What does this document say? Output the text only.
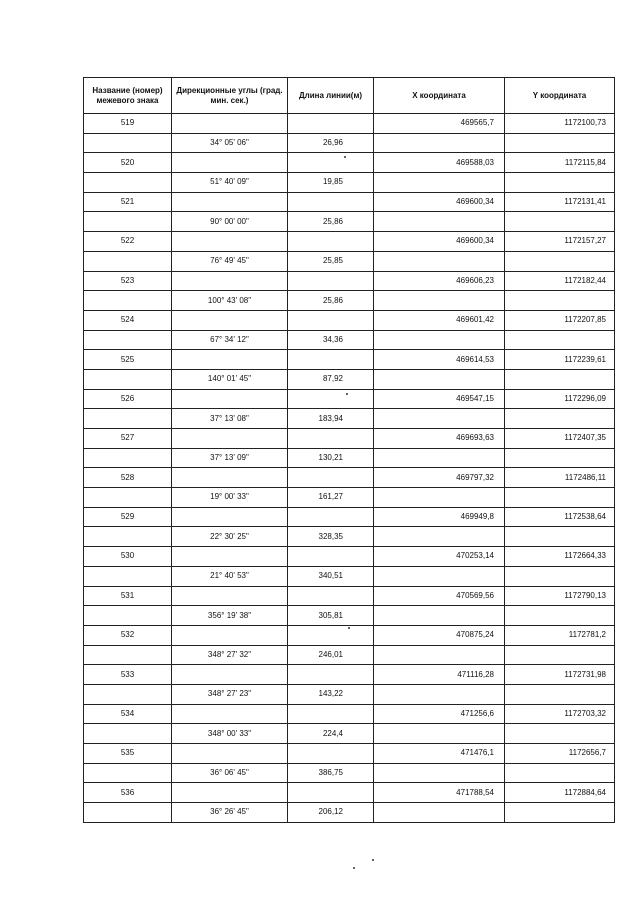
Название (номер) межевого знака	Дирекционные углы (град. мин. сек.)	Длина линии(м)	X координата	Y координата
519			469565,7	1172100,73
	34° 05' 06"	26,96		
520			469588,03	1172115,84
	51° 40' 09"	19,85		
521			469600,34	1172131,41
	90° 00' 00"	25,86		
522			469600,34	1172157,27
	76° 49' 45"	25,85		
523			469606,23	1172182,44
	100° 43' 08"	25,86		
524			469601,42	1172207,85
	67° 34' 12"	34,36		
525			469614,53	1172239,61
	140° 01' 45"	87,92		
526			469547,15	1172296,09
	37° 13' 08"	183,94		
527			469693,63	1172407,35
	37° 13' 09"	130,21		
528			469797,32	1172486,11
	19° 00' 33"	161,27		
529			469949,8	1172538,64
	22° 30' 25"	328,35		
530			470253,14	1172664,33
	21° 40' 53"	340,51		
531			470569,56	1172790,13
	356° 19' 38"	305,81		
532			470875,24	1172781,2
	348° 27' 32"	246,01		
533			471116,28	1172731,98
	348° 27' 23"	143,22		
534			471256,6	1172703,32
	348° 00' 33"	224,4		
535			471476,1	1172656,7
	36° 06' 45"	386,75		
536			471788,54	1172884,64
	36° 26' 45"	206,12		
